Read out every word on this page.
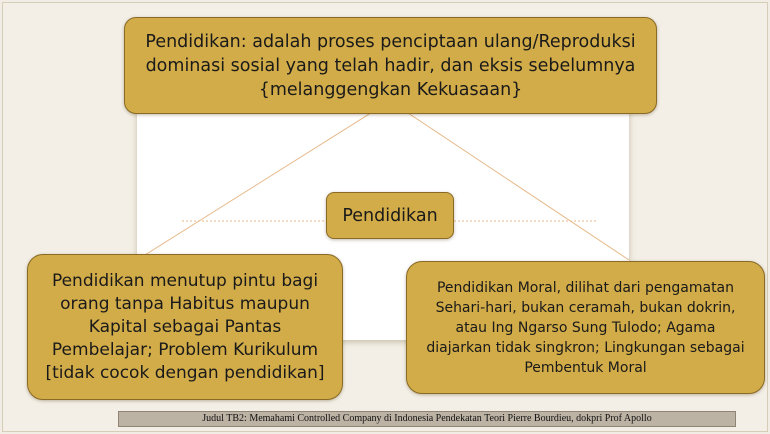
Pendidikan: adalah proses penciptaan ulang/Reproduksi dominasi sosial yang telah hadir, dan eksis sebelumnya {melanggengkan Kekuasaan}
Pendidikan
Pendidikan menutup pintu bagi orang tanpa Habitus maupun Kapital sebagai Pantas Pembelajar; Problem Kurikulum [tidak cocok dengan pendidikan]
Pendidikan Moral, dilihat dari pengamatan Sehari-hari, bukan ceramah, bukan dokrin, atau Ing Ngarso Sung Tulodo; Agama diajarkan tidak singkron; Lingkungan sebagai Pembentuk Moral
Judul TB2: Memahami Controlled Company di Indonesia Pendekatan Teori Pierre Bourdieu, dokpri Prof Apollo
